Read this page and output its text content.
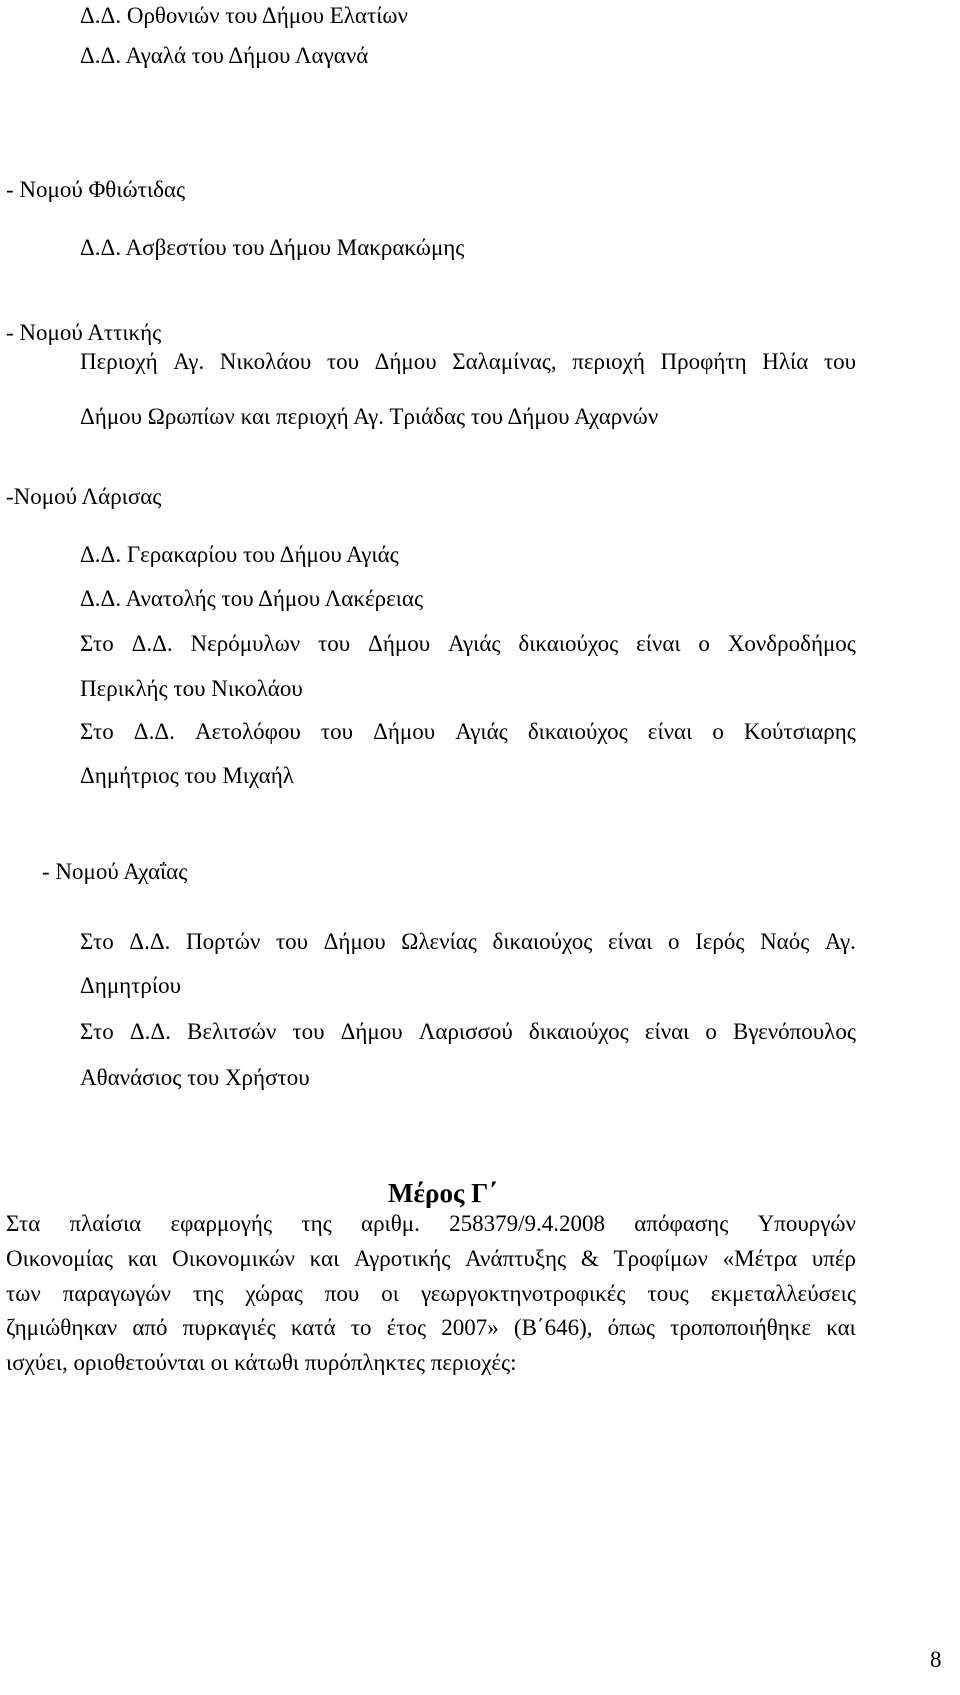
Δ.Δ. Ορθονιών του Δήμου Ελατίων
Δ.Δ. Αγαλά του Δήμου Λαγανά
- Νομού Φθιώτιδας
Δ.Δ. Ασβεστίου του Δήμου Μακρακώμης
- Νομού Αττικής
Περιοχή Αγ. Νικολάου του Δήμου Σαλαμίνας, περιοχή Προφήτη Ηλία του
Δήμου Ωρωπίων και περιοχή Αγ. Τριάδας του Δήμου Αχαρνών
-Νομού Λάρισας
Δ.Δ. Γερακαρίου του Δήμου Αγιάς
Δ.Δ. Ανατολής του Δήμου Λακέρειας
Στο Δ.Δ. Νερόμυλων του Δήμου Αγιάς δικαιούχος είναι ο Χονδροδήμος
Περικλής του Νικολάου
Στο Δ.Δ. Αετολόφου του Δήμου Αγιάς δικαιούχος είναι ο Κούτσιαρης
Δημήτριος του Μιχαήλ
- Νομού Αχαΐας
Στο Δ.Δ. Πορτών του Δήμου Ωλενίας δικαιούχος είναι ο Ιερός Ναός Αγ.
Δημητρίου
Στο Δ.Δ. Βελιτσών του Δήμου Λαρισσού δικαιούχος είναι ο Βγενόπουλος
Αθανάσιος του Χρήστου
Μέρος Γ΄
Στα πλαίσια εφαρμογής της αριθμ. 258379/9.4.2008 απόφασης Υπουργών
Οικονομίας και Οικονομικών και Αγροτικής Ανάπτυξης & Τροφίμων «Μέτρα υπέρ
των παραγωγών της χώρας που οι γεωργοκτηνοτροφικές τους εκμεταλλεύσεις
ζημιώθηκαν από πυρκαγιές κατά το έτος 2007» (Β΄646), όπως τροποποιήθηκε και
ισχύει, οριοθετούνται οι κάτωθι πυρόπληκτες περιοχές:
8
